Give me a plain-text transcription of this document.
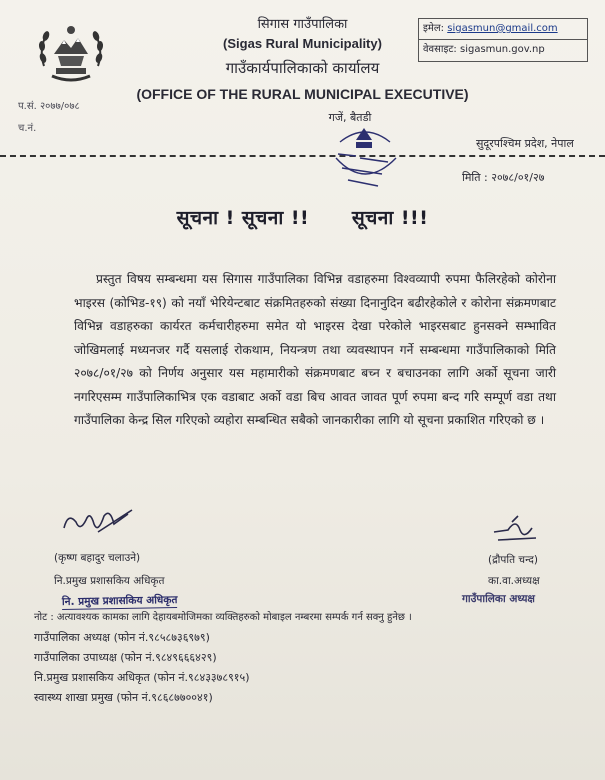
सिगास गाउँपालिका
(Sigas Rural Municipality)
गाउँकार्यपालिकाको कार्यालय
(OFFICE OF THE RURAL MUNICIPAL EXECUTIVE)
गजें, बैतडी
इमेल: sigasmun@gmail.com
वेवसाइट: sigasmun.gov.np
प.सं. २०७७/०७८
च.नं.
सुदूरपश्चिम प्रदेश, नेपाल
मिति : २०७८/०१/२७
सूचना ! सूचना !!      सूचना !!!

प्रस्तुत विषय सम्बन्धमा यस सिगास गाउँपालिका विभिन्न वडाहरुमा विश्वव्यापी रुपमा फैलिरहेको कोरोना भाइरस (कोभिड-१९) को नयाँ भेरियेन्टबाट संक्रमितहरुको संख्या दिनानुदिन बढीरहेकोले र कोरोना संक्रमणबाट विभिन्न वडाहरुका कार्यरत कर्मचारीहरुमा समेत यो भाइरस देखा परेकोले भाइरसबाट हुनसक्ने सम्भावित जोखिमलाई मध्यनजर गर्दै यसलाई रोकथाम, नियन्त्रण तथा व्यवस्थापन गर्ने सम्बन्धमा गाउँपालिकाको मिति २०७८/०१/२७ को निर्णय अनुसार यस महामारीको संक्रमणबाट बच्न र बचाउनका लागि अर्को सूचना जारी नगरिएसम्म गाउँपालिकाभित्र एक वडाबाट अर्को वडा बिच आवत जावत पूर्ण रुपमा बन्द गरि सम्पूर्ण वडा तथा गाउँपालिका केन्द्र सिल गरिएको व्यहोरा सम्बन्धित सबैको जानकारीका लागि यो सूचना प्रकाशित गरिएको छ ।

(कृष्ण बहादुर चलाउने)	(द्रौपति चन्द)
नि.प्रमुख प्रशासकिय अधिकृत	का.वा.अध्यक्ष
नि. प्रमुख प्रशासकिय अधिकृत	गाउँपालिका अध्यक्ष
नोट : अत्यावश्यक कामका लागि देहायबमोजिमका व्यक्तिहरुको मोबाइल नम्बरमा सम्पर्क गर्न सक्नु हुनेछ ।
गाउँपालिका अध्यक्ष (फोन नं.९८५८७३६९७९)
गाउँपालिका उपाध्यक्ष (फोन नं.९८४९६६६४२९)
नि.प्रमुख प्रशासकिय अधिकृत (फोन नं.९८४३३७८९१५)
स्वास्थ्य शाखा प्रमुख (फोन नं.९८६८७७००४१)
